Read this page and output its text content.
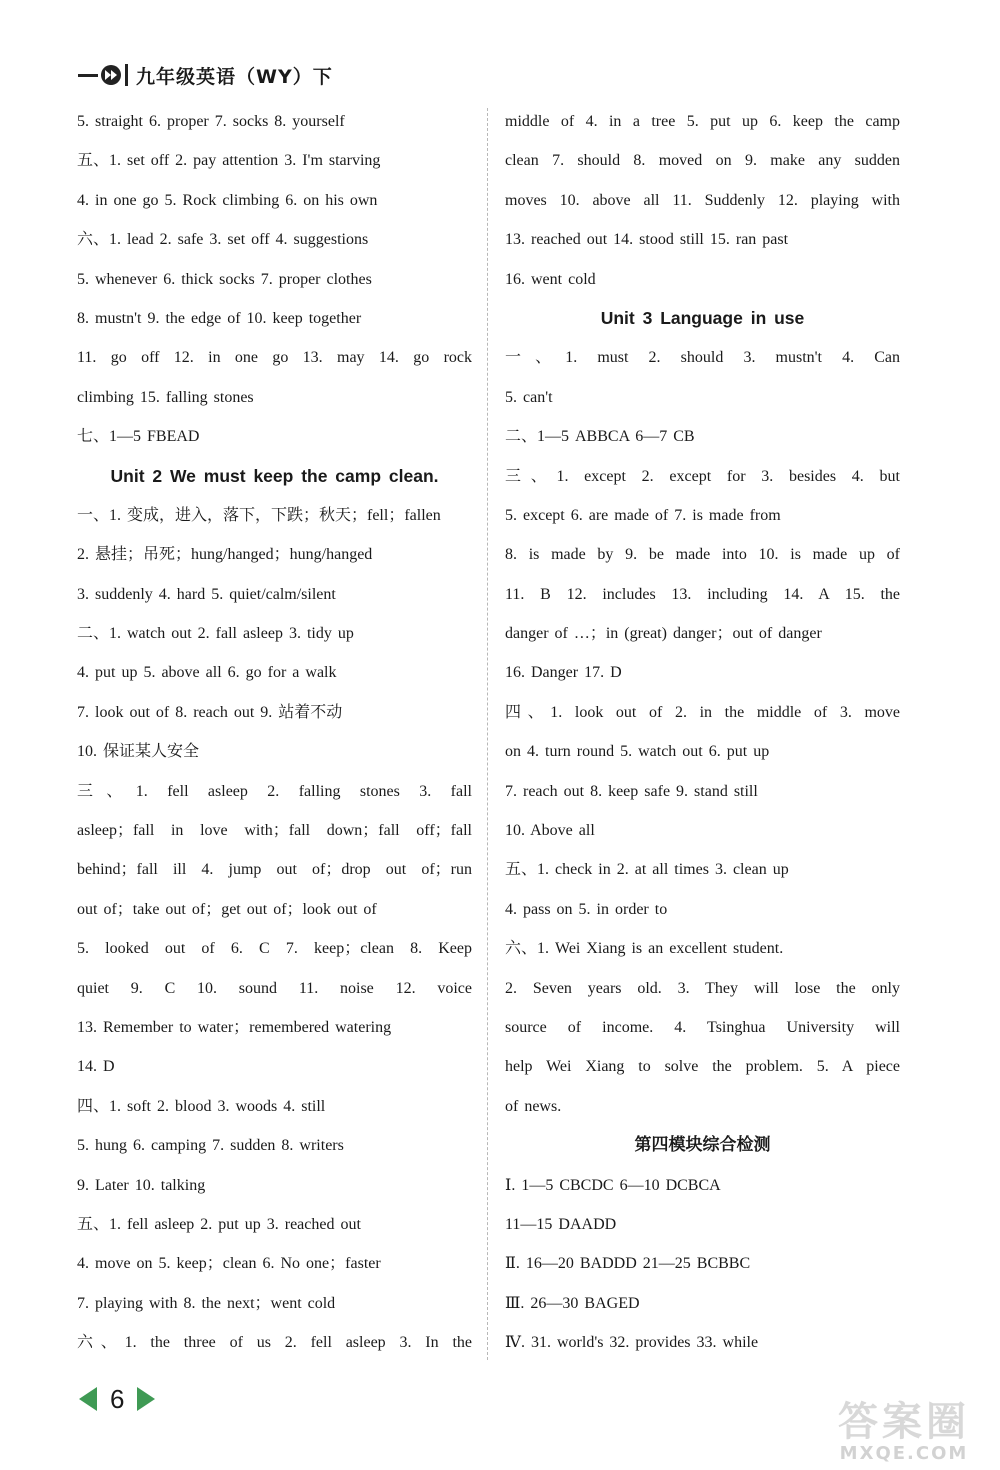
九年级英语（WY）下
5. straight 6. proper 7. socks 8. yourself
五、1. set off 2. pay attention 3. I'm starving
4. in one go 5. Rock climbing 6. on his own
六、1. lead 2. safe 3. set off 4. suggestions
5. whenever 6. thick socks 7. proper clothes
8. mustn't 9. the edge of 10. keep together
11. go off 12. in one go 13. may 14. go rock
climbing 15. falling stones
七、1—5 FBEAD
Unit 2 We must keep the camp clean.
一、1. 变成，进入，落下，下跌；秋天；fell；fallen
2. 悬挂；吊死；hung/hanged；hung/hanged
3. suddenly 4. hard 5. quiet/calm/silent
二、1. watch out 2. fall asleep 3. tidy up
4. put up 5. above all 6. go for a walk
7. look out of 8. reach out 9. 站着不动
10. 保证某人安全
三、1. fell asleep 2. falling stones 3. fall
asleep；fall in love with；fall down；fall off；fall
behind；fall ill 4. jump out of；drop out of；run
out of；take out of；get out of；look out of
5. looked out of 6. C 7. keep；clean 8. Keep
quiet 9. C 10. sound 11. noise 12. voice
13. Remember to water；remembered watering
14. D
四、1. soft 2. blood 3. woods 4. still
5. hung 6. camping 7. sudden 8. writers
9. Later 10. talking
五、1. fell asleep 2. put up 3. reached out
4. move on 5. keep；clean 6. No one；faster
7. playing with 8. the next；went cold
六、1. the three of us 2. fell asleep 3. In the
middle of 4. in a tree 5. put up 6. keep the camp
clean 7. should 8. moved on 9. make any sudden
moves 10. above all 11. Suddenly 12. playing with
13. reached out 14. stood still 15. ran past
16. went cold
Unit 3 Language in use
一、1. must 2. should 3. mustn't 4. Can
5. can't
二、1—5 ABBCA 6—7 CB
三、1. except 2. except for 3. besides 4. but
5. except 6. are made of 7. is made from
8. is made by 9. be made into 10. is made up of
11. B 12. includes 13. including 14. A 15. the
danger of …；in (great) danger；out of danger
16. Danger 17. D
四、1. look out of 2. in the middle of 3. move
on 4. turn round 5. watch out 6. put up
7. reach out 8. keep safe 9. stand still
10. Above all
五、1. check in 2. at all times 3. clean up
4. pass on 5. in order to
六、1. Wei Xiang is an excellent student.
2. Seven years old. 3. They will lose the only
source of income. 4. Tsinghua University will
help Wei Xiang to solve the problem. 5. A piece
of news.
第四模块综合检测
Ⅰ. 1—5 CBCDC 6—10 DCBCA
11—15 DAADD
Ⅱ. 16—20 BADDD 21—25 BCBBC
Ⅲ. 26—30 BAGED
Ⅳ. 31. world's 32. provides 33. while
6
答案圈
MXQE.COM
